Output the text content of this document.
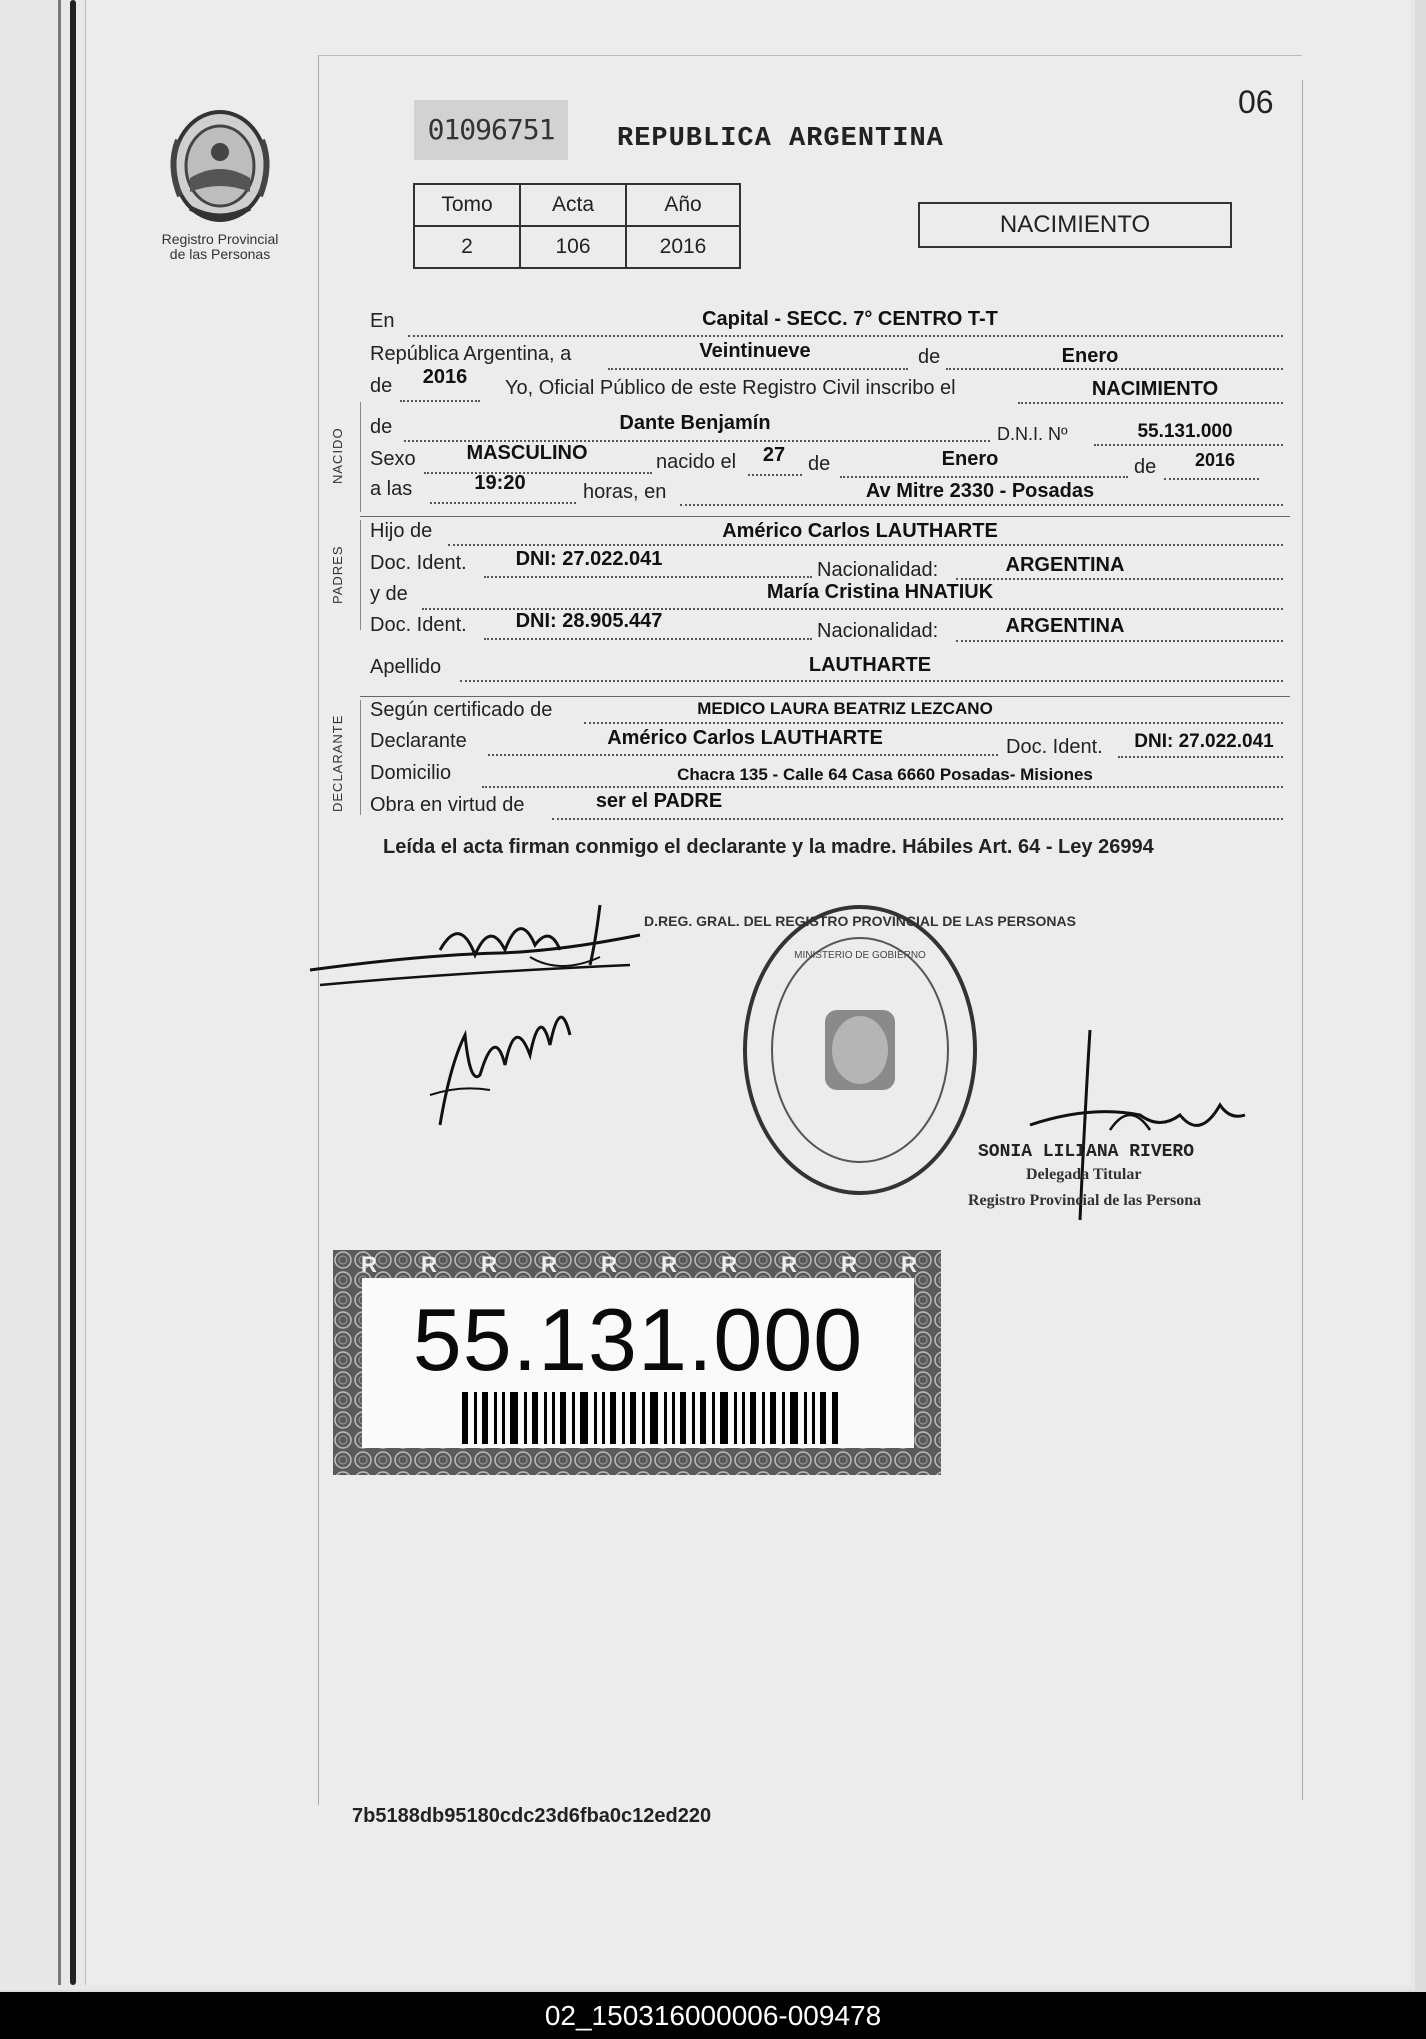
Registro Provincial
de las Personas
06
01096751	REPUBLICA ARGENTINA
Tomo	Acta	Año
2	106	2016
NACIMIENTO
NACIDO
PADRES
DECLARANTE
En	Capital - SECC. 7° CENTRO T-T
República Argentina, a	Veintinueve	de	Enero
de	2016	Yo, Oficial Público de este Registro Civil inscribo el	NACIMIENTO
de	Dante Benjamín	D.N.I. Nº	55.131.000
Sexo	MASCULINO	nacido el	27	de	Enero	de	2016
a las	19:20	horas, en	Av Mitre 2330 - Posadas
Hijo de	Américo Carlos LAUTHARTE
Doc. Ident.	DNI: 27.022.041	Nacionalidad:	ARGENTINA
y de	María Cristina HNATIUK
Doc. Ident.	DNI: 28.905.447	Nacionalidad:	ARGENTINA
Apellido	LAUTHARTE
Según certificado de	MEDICO LAURA BEATRIZ LEZCANO
Declarante	Américo Carlos LAUTHARTE	Doc. Ident.	DNI: 27.022.041
Domicilio	Chacra 135 - Calle 64 Casa 6660 Posadas- Misiones
Obra en virtud de	ser el PADRE
Leída el acta firman conmigo el declarante y la madre. Hábiles Art. 64 - Ley 26994
D.REG. GRAL. DEL REGISTRO PROVINCIAL DE LAS PERSONAS
MINISTERIO DE GOBIERNO
SONIA LILIANA RIVERO
Delegada Titular
Registro Provincial de las Persona
R R R R R R R R R R
55.131.000
7b5188db95180cdc23d6fba0c12ed220
02_150316000006-009478
